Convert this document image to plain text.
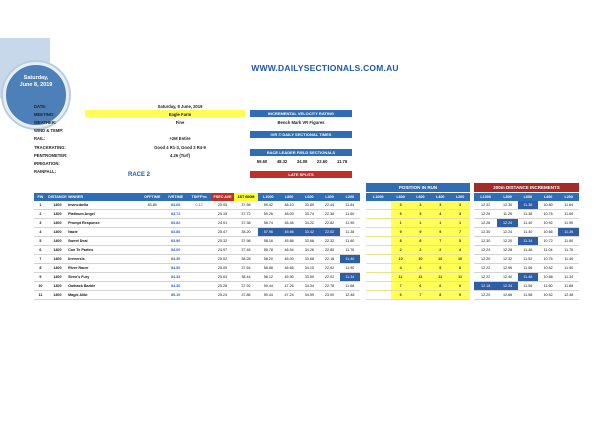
Saturday,
June 8, 2019
WWW.DAILYSECTIONALS.COM.AU
DATE:	Saturday, 8 June, 2019
MEETING:	Eagle Farm
WEATHER:	Fine
WIND & TEMP:
RAIL:	+2M Entire
TRACKRATING:	Good 4 R1-3, Good 3 R4-9
PENTROMETER:	4.26 (Turf)
IRRIGATION:
RAINFALL:
INCREMENTAL VELOCITY RATING
Bench Mark VR Figures
IVR © DAILY SECTIONAL TIMES
RACE LEADER FIELD SECTIONALS
59.60 48.32 34.09 22.60 11.76
LATE SPLITS
RACE 2
POSITION IN RUN	200m DISTANCE INCREMENTS
FIN	DISTANCE	WINNER	OFFTIME	IVRTIME	TDIFF*m	FSEC AVE	1ST 600M	L1000	L800	L600	L400	L200
1	1400	Invincibella	83.80	83.68	0.12	25.05	37.58	59.42	48.10	33.80	22.44	11.64
2	1400	Platinum Angel		83.72		25.15	37.72	59.26	48.00	33.74	22.36	11.60
3	1400	Prompt Response		83.82		24.91	37.38	58.74	46.46	34.22	22.82	11.90
4	1400	Nazie		83.86		25.47	38.20	57.96	45.66	33.42	22.02	11.36
5	1400	Sweet Deal		83.96		25.32	37.98	58.16	45.86	33.66	22.32	11.60
6	1400	Con Te Partiro		84.00		24.97	37.46	58.78	46.54	34.26	22.80	11.76
7	1400	Irreversis		84.30		25.02	38.28	58.20	46.00	33.68	22.16	11.40
8	1400	River Racer		84.50		25.09	37.64	58.88	46.66	34.10	22.62	11.90
9	1400	Siren's Fury		84.34		25.63	38.44	58.12	45.90	33.50	22.02	11.34
10	1400	Outback Barbie		84.30		25.28	37.92	59.44	47.26	34.34	22.78	11.68
11	1400	Magic Alibi		85.10		25.24	37.86	59.44	47.24	34.59	23.00	12.48
L1000	L800	L600	L400	L200
	3	3	3	3
	5	5	4	3
	1	1	1	1
	9	9	9	7
	8	8	7	5
	2	2	2	4
	10	10	10	10
	4	4	5	8
	11	11	11	11
	7	6	6	6
	6	7	8	9
	L1000	L800	L600	L400	L200
	12.32	12.30	11.36	10.80	11.64
	12.26	11.26	11.38	10.76	11.60
	12.28	12.24	11.40	10.92	11.90
	12.30	12.24	11.40	10.66	11.36
	12.30	12.20	11.34	10.72	11.60
	12.24	12.28	11.46	11.04	11.76
	12.20	12.32	11.52	10.76	11.40
	12.22	12.56	11.56	10.62	11.90
	12.22	12.40	11.48	10.68	11.34
	12.18	12.34	11.56	11.60	11.68
	12.20	12.66	11.58	10.52	12.48
